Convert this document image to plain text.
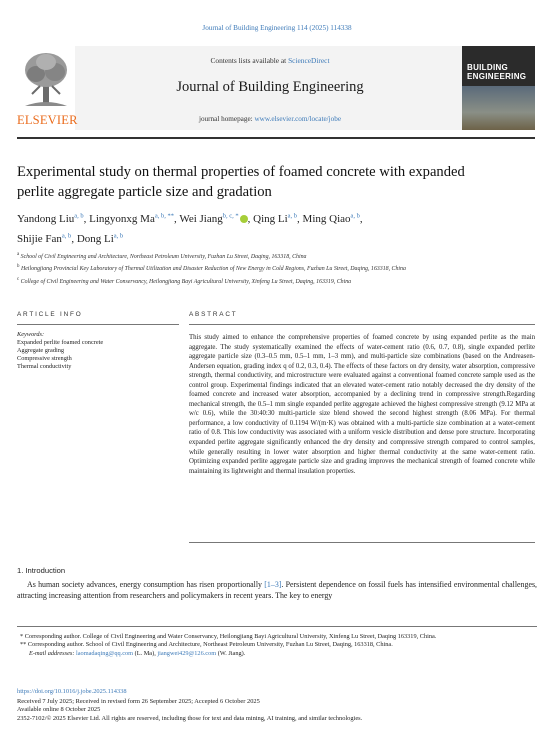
Journal of Building Engineering 114 (2025) 114338
ELSEVIER
Contents lists available at ScienceDirect
Journal of Building Engineering
journal homepage: www.elsevier.com/locate/jobe
BUILDING
ENGINEERING
Experimental study on thermal properties of foamed concrete with expanded perlite aggregate particle size and gradation
Yandong Liu$^{a, b}$, Lingyonxg $Ma^{a, b, **}$, Wei Jiang$^{b, c, *}$ , Qing Li$^{a, b}$, Ming Qiao$^{a, b}$,
Shijie Fan$^{a, b}$, Dong Li$^{a, b}$
$^a$ School of Civil Engineering and Architecture, Northeast Petroleum University, Fuzhan Lu Street, Daqing, 163318, China
$^b$ Heilongjiang Provincial Key Laboratory of Thermal Utilization and Disaster Reduction of New Energy in Cold Regions, Fuzhan Lu Street, Daqing, 163318, China
$^c$ College of Civil Engineering and Water Conservancy, Heilongjiang Bayi Agricultural University, Xinfeng Lu Street, Daqing, 163319, China
ARTICLE INFO	ABSTRACT
Keywords:
Expanded perlite foamed concrete
Aggregate grading
Compressive strength
Thermal conductivity
This study aimed to enhance the comprehensive properties of foamed concrete by using expanded perlite as the main aggregate. The study systematically examined the effects of water-cement ratio (0.6, 0.7, 0.8), single expanded perlite aggregate particle size (0.3–0.5 mm, 0.5–1 mm, 1–3 mm), and multi-particle size combinations (based on the Andreasen-Andersen equation, grading index q of 0.2, 0.3, 0.4). The effects of these factors on dry density, water absorption, compressive strength, thermal conductivity, and microstructure were evaluated against a conventional foamed concrete sample used as the control group. Experimental findings indicated that an elevated water-cement ratio notably decreased the dry density of the foamed concrete and increased water absorption, accompanied by a declining trend in compressive strength.Regarding mechanical strength, the 0.5–1 mm single expanded perlite aggregate achieved the highest compressive strength (9.12 MPa at w/c 0.6), while the 30:40:30 multi-particle size blend showed the second highest strength (8.06 MPa). For thermal performance, a low conductivity of 0.1194 W/(m·K) was obtained with a multi-particle size combination at a water-cement ratio of 0.8. This low conductivity was associated with a uniform vesicle distribution and dense pore structure. Incorporating expanded perlite aggregate significantly enhanced the dry density and compressive strength compared to control samples, while generally resulting in lower water absorption and higher thermal conductivity at the same water-cement ratio. Optimizing expanded perlite aggregate particle size and grading improves the mechanical strength of foamed concrete while maintaining its lightweight and thermal insulation properties.
1. Introduction
As human society advances, energy consumption has risen proportionally [1–3]. Persistent dependence on fossil fuels has intensified environmental challenges, attracting increasing attention from researchers and policymakers in recent years. The key to energy
* Corresponding author. College of Civil Engineering and Water Conservancy, Heilongjiang Bayi Agricultural University, Xinfeng Lu Street, Daqing 163319, China.
** Corresponding author. School of Civil Engineering and Architecture, Northeast Petroleum University, Fuzhan Lu Street, Daqing, 163318, China.
E-mail addresses: laomadaqing@qq.com (L. Ma), jiangwei429@126.com (W. Jiang).
https://doi.org/10.1016/j.jobe.2025.114338
Received 7 July 2025; Received in revised form 26 September 2025; Accepted 6 October 2025
Available online 8 October 2025
2352-7102/© 2025 Elsevier Ltd. All rights are reserved, including those for text and data mining, AI training, and similar technologies.
